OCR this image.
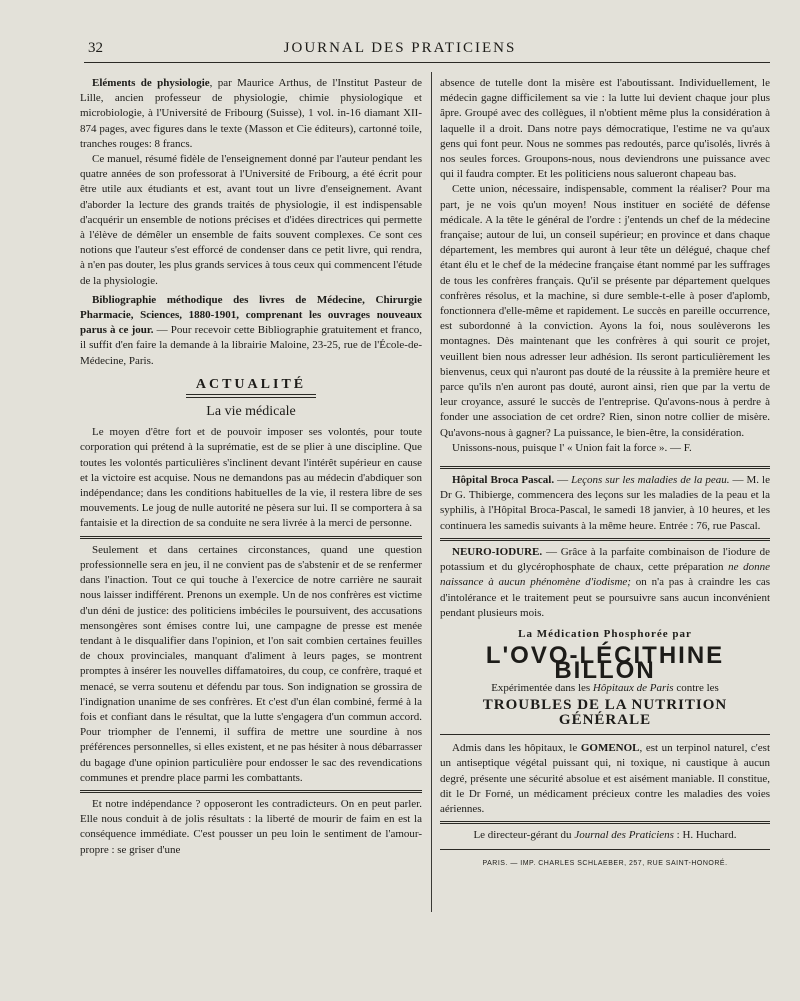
32	JOURNAL DES PRATICIENS

Eléments de physiologie, par Maurice Arthus, de l'Institut Pasteur de Lille, ancien professeur de physiologie, chimie physiologique et microbiologie, à l'Université de Fribourg (Suisse), 1 vol. in-16 diamant XII-874 pages, avec figures dans le texte (Masson et Cie éditeurs), cartonné toile, tranches rouges: 8 francs.

Ce manuel, résumé fidèle de l'enseignement donné par l'auteur pendant les quatre années de son professorat à l'Université de Fribourg, a été écrit pour être utile aux étudiants et est, avant tout un livre d'enseignement. Avant d'aborder la lecture des grands traités de physiologie, il est indispensable d'acquérir un ensemble de notions précises et d'idées directrices qui permette à l'élève de démêler un ensemble de faits souvent complexes. Ce sont ces notions que l'auteur s'est efforcé de condenser dans ce petit livre, qui rendra, à n'en pas douter, les plus grands services à tous ceux qui commencent l'étude de la physiologie.

Bibliographie méthodique des livres de Médecine, Chirurgie Pharmacie, Sciences, 1880-1901, comprenant les ouvrages nouveaux parus à ce jour. — Pour recevoir cette Bibliographie gratuitement et franco, il suffit d'en faire la demande à la librairie Maloine, 23-25, rue de l'École-de-Médecine, Paris.

ACTUALITÉ
La vie médicale

Le moyen d'être fort et de pouvoir imposer ses volontés, pour toute corporation qui prétend à la suprématie, est de se plier à une discipline. Que toutes les volontés particulières s'inclinent devant l'intérêt supérieur en cause et la victoire est acquise. Nous ne demandons pas au médecin d'abdiquer son indépendance; dans les conditions habituelles de la vie, il restera libre de ses mouvements. Le joug de nulle autorité ne pèsera sur lui. Il se comportera à sa fantaisie et la direction de sa conduite ne sera livrée à la merci de personne.

Seulement et dans certaines circonstances, quand une question professionnelle sera en jeu, il ne convient pas de s'abstenir et de se renfermer dans l'inaction. Tout ce qui touche à l'exercice de notre carrière ne saurait nous laisser indifférent. Prenons un exemple. Un de nos confrères est victime d'un déni de justice: des politiciens imbéciles le poursuivent, des accusations mensongères sont émises contre lui, une campagne de presse est menée tendant à le disqualifier dans l'opinion, et l'on sait combien certaines feuilles de choux provinciales, manquant d'aliment à leurs pages, se montrent promptes à insérer les nouvelles diffamatoires, du coup, ce confrère, traqué et menacé, se verra soutenu et défendu par tous. Son indignation se grossira de l'indignation unanime de ses confrères. Et c'est d'un élan combiné, fermé à la fois et confiant dans le résultat, que la lutte s'engagera d'un commun accord. Pour triompher de l'ennemi, il suffira de mettre une sourdine à nos préférences personnelles, si elles existent, et ne pas hésiter à nous débarrasser du bagage d'une opinion particulière pour endosser le sac des revendications communes et prendre place parmi les combattants.

Et notre indépendance ? opposeront les contradicteurs. On en peut parler. Elle nous conduit à de jolis résultats : la liberté de mourir de faim en est la conséquence immédiate. C'est pousser un peu loin le sentiment de l'amour-propre : se griser d'une

absence de tutelle dont la misère est l'aboutissant. Individuellement, le médecin gagne difficilement sa vie : la lutte lui devient chaque jour plus âpre. Groupé avec des collègues, il n'obtient même plus la considération à laquelle il a droit. Dans notre pays démocratique, l'estime ne va qu'aux gens qui font peur. Nous ne sommes pas redoutés, parce qu'isolés, livrés à nos seules forces. Groupons-nous, nous deviendrons une puissance avec qui il faudra compter. Et les politiciens nous salueront chapeau bas.

Cette union, nécessaire, indispensable, comment la réaliser? Pour ma part, je ne vois qu'un moyen! Nous instituer en société de défense médicale. A la tête le général de l'ordre : j'entends un chef de la médecine française; autour de lui, un conseil supérieur; en province et dans chaque département, les membres qui auront à leur tête un délégué, chaque chef étant élu et le chef de la médecine française étant nommé par les suffrages de tous les confrères français. Qu'il se présente par département quelques confrères résolus, et la machine, si dure semble-t-elle à poser d'aplomb, fonctionnera d'elle-même et rapidement. Le succès en pareille occurrence, est subordonné à la conviction. Ayons la foi, nous soulèverons les montagnes. Dès maintenant que les confrères à qui sourit ce projet, veuillent bien nous adresser leur adhésion. Ils seront particulièrement les bienvenus, ceux qui n'auront pas douté de la réussite à la première heure et parce qu'ils n'en auront pas douté, auront ainsi, rien que par la vertu de leur croyance, assuré le succès de l'entreprise. Qu'avons-nous à perdre à fonder une association de cet ordre? Rien, sinon notre collier de misère. Qu'avons-nous à gagner? La puissance, le bien-être, la considération.

Unissons-nous, puisque l' « Union fait la force ». — F.

Hôpital Broca Pascal. — Leçons sur les maladies de la peau. — M. le Dr G. Thibierge, commencera des leçons sur les maladies de la peau et la syphilis, à l'Hôpital Broca-Pascal, le samedi 18 janvier, à 10 heures, et les continuera les samedis suivants à la même heure. Entrée : 76, rue Pascal.

NEURO-IODURE. — Grâce à la parfaite combinaison de l'iodure de potassium et du glycérophosphate de chaux, cette préparation ne donne naissance à aucun phénomène d'iodisme; on n'a pas à craindre les cas d'intolérance et le traitement peut se poursuivre sans aucun inconvénient pendant plusieurs mois.

La Médication Phosphorée par
L'OVO-LÉCITHINE BILLON
Expérimentée dans les Hôpitaux de Paris contre les
TROUBLES DE LA NUTRITION GÉNÉRALE

Admis dans les hôpitaux, le GOMENOL, est un terpinol naturel, c'est un antiseptique végétal puissant qui, ni toxique, ni caustique à aucun degré, présente une sécurité absolue et est aisément maniable. Il constitue, dit le Dr Forné, un médicament précieux contre les maladies des voies aériennes.

Le directeur-gérant du Journal des Praticiens : H. Huchard.
PARIS. — IMP. CHARLES SCHLAEBER, 257, RUE SAINT-HONORÉ.
